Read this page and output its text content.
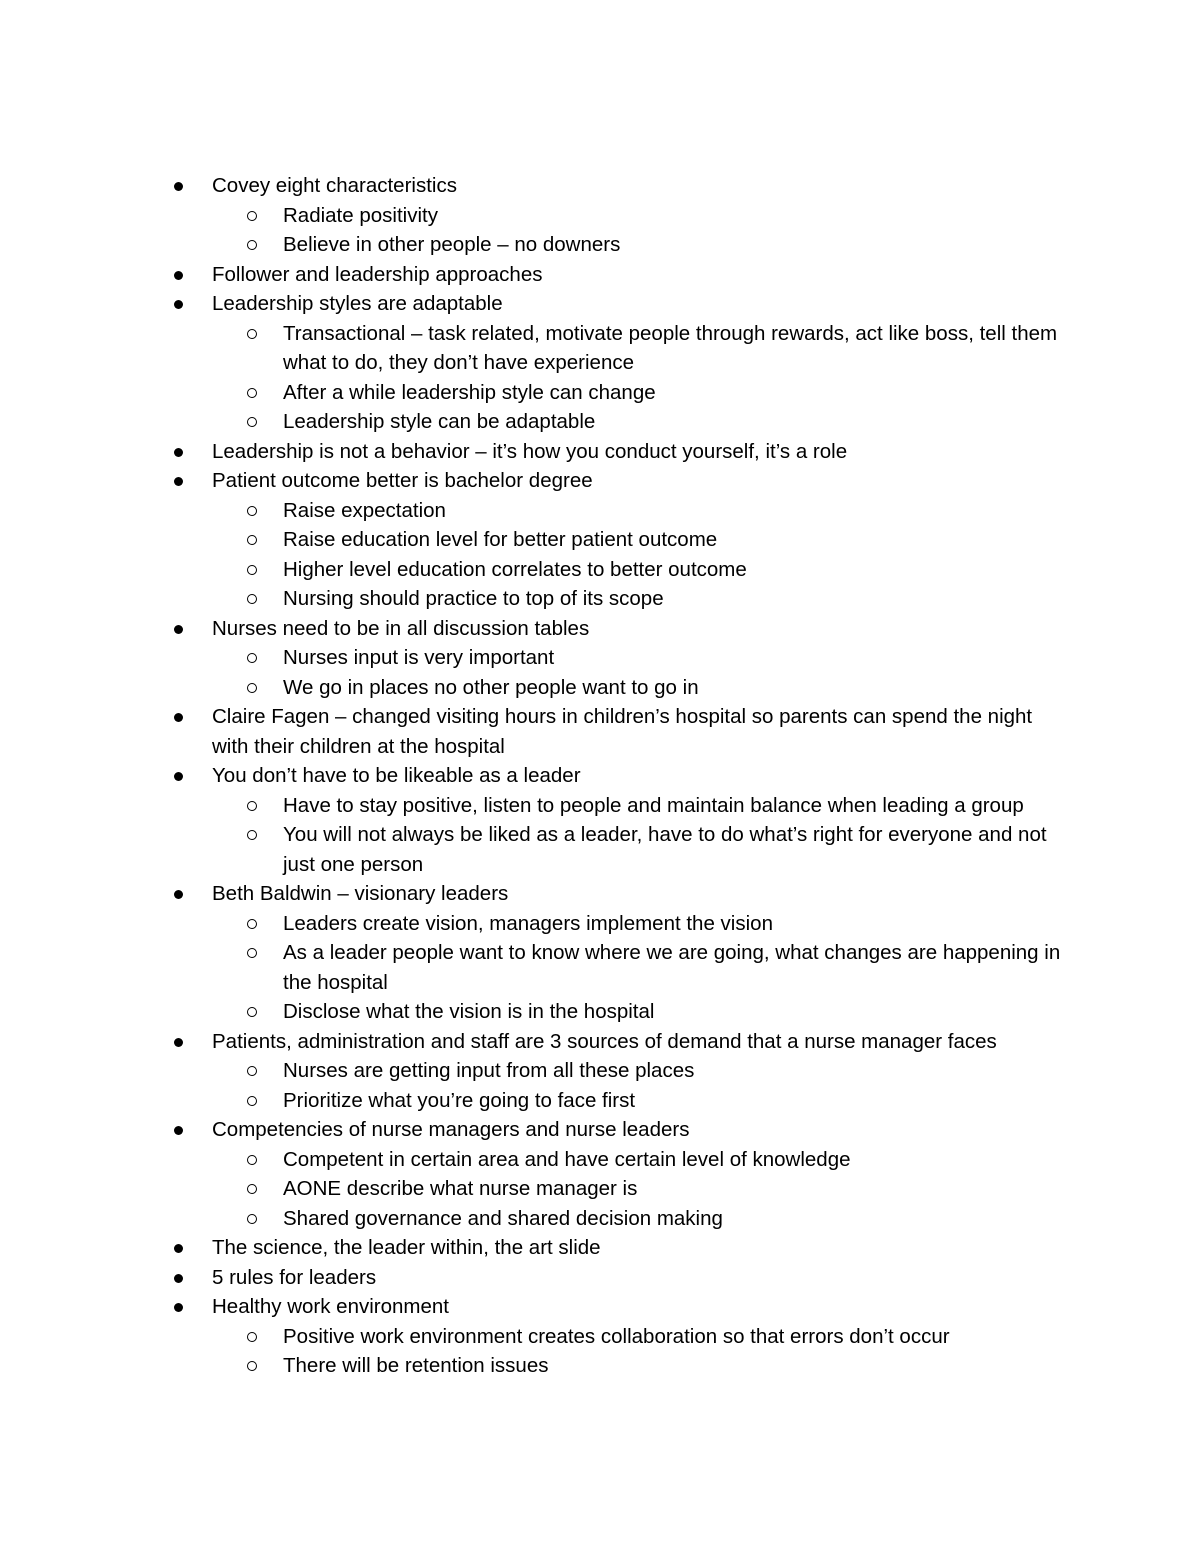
Covey eight characteristics
Radiate positivity
Believe in other people – no downers
Follower and leadership approaches
Leadership styles are adaptable
Transactional – task related, motivate people through rewards, act like boss, tell them what to do, they don’t have experience
After a while leadership style can change
Leadership style can be adaptable
Leadership is not a behavior – it’s how you conduct yourself, it’s a role
Patient outcome better is bachelor degree
Raise expectation
Raise education level for better patient outcome
Higher level education correlates to better outcome
Nursing should practice to top of its scope
Nurses need to be in all discussion tables
Nurses input is very important
We go in places no other people want to go in
Claire Fagen – changed visiting hours in children’s hospital so parents can spend the night with their children at the hospital
You don’t have to be likeable as a leader
Have to stay positive, listen to people and maintain balance when leading a group
You will not always be liked as a leader, have to do what’s right for everyone and not just one person
Beth Baldwin – visionary leaders
Leaders create vision, managers implement the vision
As a leader people want to know where we are going, what changes are happening in the hospital
Disclose what the vision is in the hospital
Patients, administration and staff are 3 sources of demand that a nurse manager faces
Nurses are getting input from all these places
Prioritize what you’re going to face first
Competencies of nurse managers and nurse leaders
Competent in certain area and have certain level of knowledge
AONE describe what nurse manager is
Shared governance and shared decision making
The science, the leader within, the art slide
5 rules for leaders
Healthy work environment
Positive work environment creates collaboration so that errors don’t occur
There will be retention issues
